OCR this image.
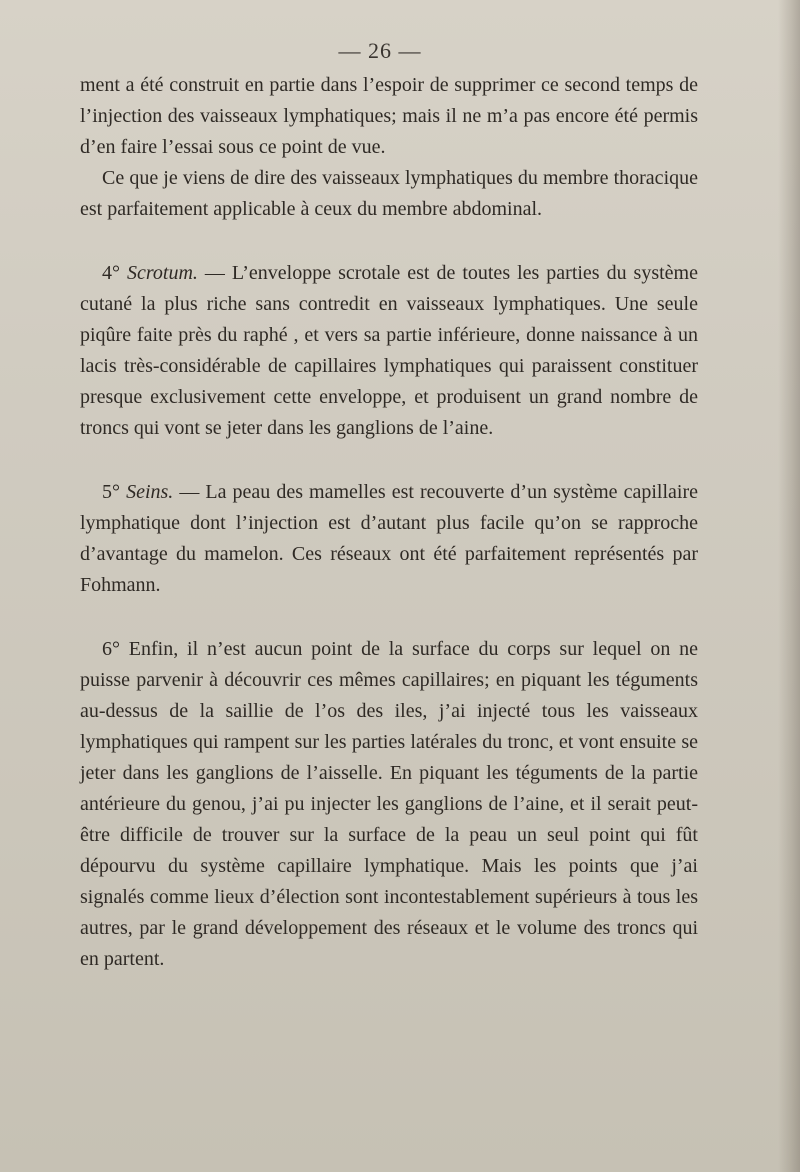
— 26 —

ment a été construit en partie dans l’espoir de supprimer ce second temps de l’injection des vaisseaux lymphatiques; mais il ne m’a pas encore été permis d’en faire l’essai sous ce point de vue.

Ce que je viens de dire des vaisseaux lymphatiques du membre thoracique est parfaitement applicable à ceux du membre abdominal.

4° Scrotum. — L’enveloppe scrotale est de toutes les parties du système cutané la plus riche sans contredit en vaisseaux lymphatiques. Une seule piqûre faite près du raphé , et vers sa partie inférieure, donne naissance à un lacis très-considérable de capillaires lymphatiques qui paraissent constituer presque exclusivement cette enveloppe, et produisent un grand nombre de troncs qui vont se jeter dans les ganglions de l’aine.

5° Seins. — La peau des mamelles est recouverte d’un système capillaire lymphatique dont l’injection est d’autant plus facile qu’on se rapproche d’avantage du mamelon. Ces réseaux ont été parfaitement représentés par Fohmann.

6° Enfin, il n’est aucun point de la surface du corps sur lequel on ne puisse parvenir à découvrir ces mêmes capillaires; en piquant les téguments au-dessus de la saillie de l’os des iles, j’ai injecté tous les vaisseaux lymphatiques qui rampent sur les parties latérales du tronc, et vont ensuite se jeter dans les ganglions de l’aisselle. En piquant les téguments de la partie antérieure du genou, j’ai pu injecter les ganglions de l’aine, et il serait peut-être difficile de trouver sur la surface de la peau un seul point qui fût dépourvu du système capillaire lymphatique. Mais les points que j’ai signalés comme lieux d’élection sont incontestablement supérieurs à tous les autres, par le grand développement des réseaux et le volume des troncs qui en partent.
